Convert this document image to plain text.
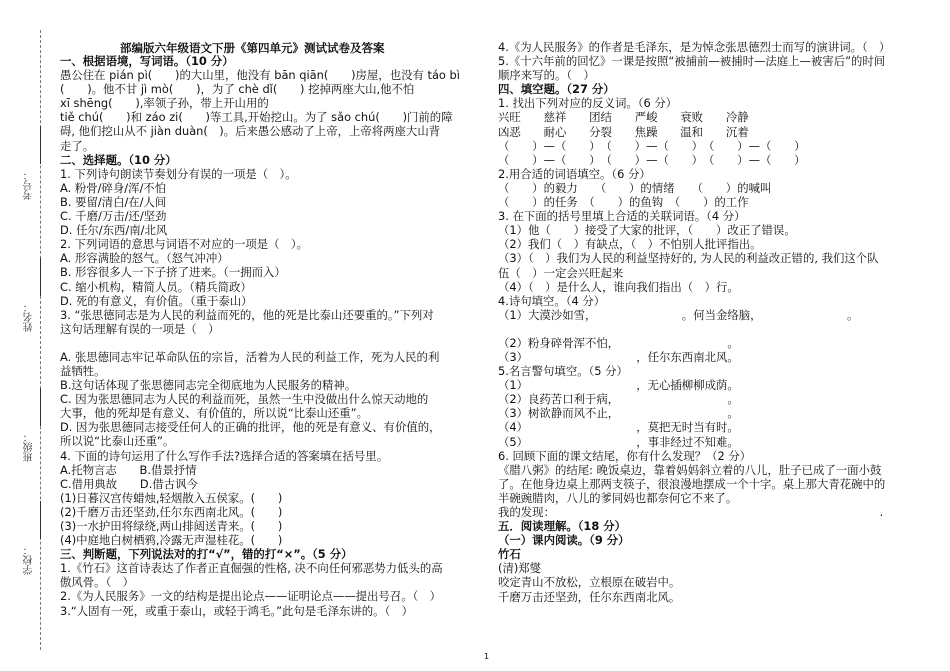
考号：
姓名：
班级：
学校：
部编版六年级语文下册《第四单元》测试试卷及答案
一、根据语境，写词语。（10 分）
愚公住在 pián pì(　　)的大山里，他没有 bān qiān(　　)房屋，也没有 táo bì
(　　)。他不甘 jì mò(　　)，为了 chè dǐ(　　) 挖掉两座大山,他不怕
xī shēng(　　),率领子孙，带上开山用的
tiě chú(　　)和 záo zi(　　)等工具,开始挖山。为了 sǎo chú(　　)门前的障
碍, 他们挖山从不 jiàn duàn(　)。后来愚公感动了上帝，上帝将两座大山背
走了。
二、选择题。（10 分）
1. 下列诗句朗读节奏划分有误的一项是（　）。
A. 粉骨/碎身/浑/不怕
B. 要留/清白/在/人间
C. 千磨/万击/还/坚劲
D. 任尔/东西/南/北风
2. 下列词语的意思与词语不对应的一项是（　）。
A. 形容满脸的怒气。（怒气冲冲）
B. 形容很多人一下子挤了进来。（一拥而入）
C. 缩小机构，精简人员。（精兵简政）
D. 死的有意义，有价值。（重于泰山）
3. “张思德同志是为人民的利益而死的，他的死是比泰山还要重的。”下列对
这句话理解有误的一项是（　）
A. 张思德同志牢记革命队伍的宗旨，活着为人民的利益工作，死为人民的利
益牺牲。
B.这句话体现了张思德同志完全彻底地为人民服务的精神。
C. 因为张思德同志为人民的利益而死，虽然一生中没做出什么惊天动地的
大事，他的死却是有意义、有价值的，所以说“比泰山还重”。
D. 因为张思德同志接受任何人的正确的批评，他的死是有意义、有价值的，
所以说“比泰山还重”。
4. 下面的诗句运用了什么写作手法?选择合适的答案填在括号里。
A.托物言志　　B.借景抒情
C.借用典故　　D.借古讽今
(1)日暮汉宫传蜡烛,轻烟散入五侯家。(　　)
(2)千磨万击还坚劲,任尔东西南北风。(　　)
(3)一水护田将绿绕,两山排闼送青来。(　　)
(4)中庭地白树栖鸦,冷露无声湿桂花。(　　)
三、判断题，下列说法对的打“√”，错的打“×”。（5 分）
1.《竹石》这首诗表达了作者正直倔强的性格, 决不向任何邪恶势力低头的高
傲风骨。（　）
2.《为人民服务》一文的结构是提出论点——证明论点——提出号召。（　）
3.“人固有一死，或重于泰山，或轻于鸿毛。”此句是毛泽东讲的。（　）
4.《为人民服务》的作者是毛泽东，是为悼念张思德烈士而写的演讲词。（　）
5.《十六年前的回忆》一课是按照“被捕前—被捕时—法庭上—被害后”的时间
顺序来写的。（　）
四、填空题。（27 分）
1. 找出下列对应的反义词。（6 分）
兴旺　　慈祥　　团结　　严峻　　衰败　　冷静
凶恶　　耐心　　分裂　　焦躁　　温和　　沉着
（　　）—（　　）　（　　）—（　　）　（　　）—（　　）
（　　）—（　　）　（　　）—（　　）　（　　）—（　　）
2.用合适的词语填空。（6 分）
（　　）的毅力　　（　　）的情绪　　（　　）的喊叫
（　　）的任务　（　　）的鱼钩　（　　）的工作
3. 在下面的括号里填上合适的关联词语。（4 分）
（1）他（　　）接受了大家的批评，（　　）改正了错误。
（2）我们（　）有缺点，（　）不怕别人批评指出。
（3）（　）我们为人民的利益坚持好的, 为人民的利益改正错的, 我们这个队
伍（　）一定会兴旺起来
（4）（　）是什么人，谁向我们指出（　）行。
4.诗句填空。（4 分）
（1）大漠沙如雪，　　　　　　　　。何当金络脑，　　　　　　　　。
（2）粉身碎骨浑不怕，　　　　　　　　　　。
（3）　　　　　　　　　　，任尔东西南北风。
5.名言警句填空。（5 分）
（1）　　　　　　　　　　，无心插柳柳成荫。
（2）良药苦口利于病，　　　　　　　　　　。
（3）树欲静而风不止，　　　　　　　　　　。
（4）　　　　　　　　　　，莫把无时当有时。
（5）　　　　　　　　　　，事非经过不知难。
6. 回顾下面的课文结尾，你有什么发现？（2 分）
《腊八粥》的结尾: 晚饭桌边，靠着妈妈斜立着的八儿，肚子已成了一面小鼓
了。在他身边桌上那两支筷子，很浪漫地摆成一个十字。桌上那大青花碗中的
半碗豌腊肉，八儿的爹同妈也都奈何它不来了。
我的发现：　　　　　　　　　　　　　　　　　　　　　　　　　　　　　.
五．阅读理解。（18 分）
（一）课内阅读。（9 分）
竹石
(清)郑燮
咬定青山不放松，立根原在破岩中。
千磨万击还坚劲，任尔东西南北风。
1
